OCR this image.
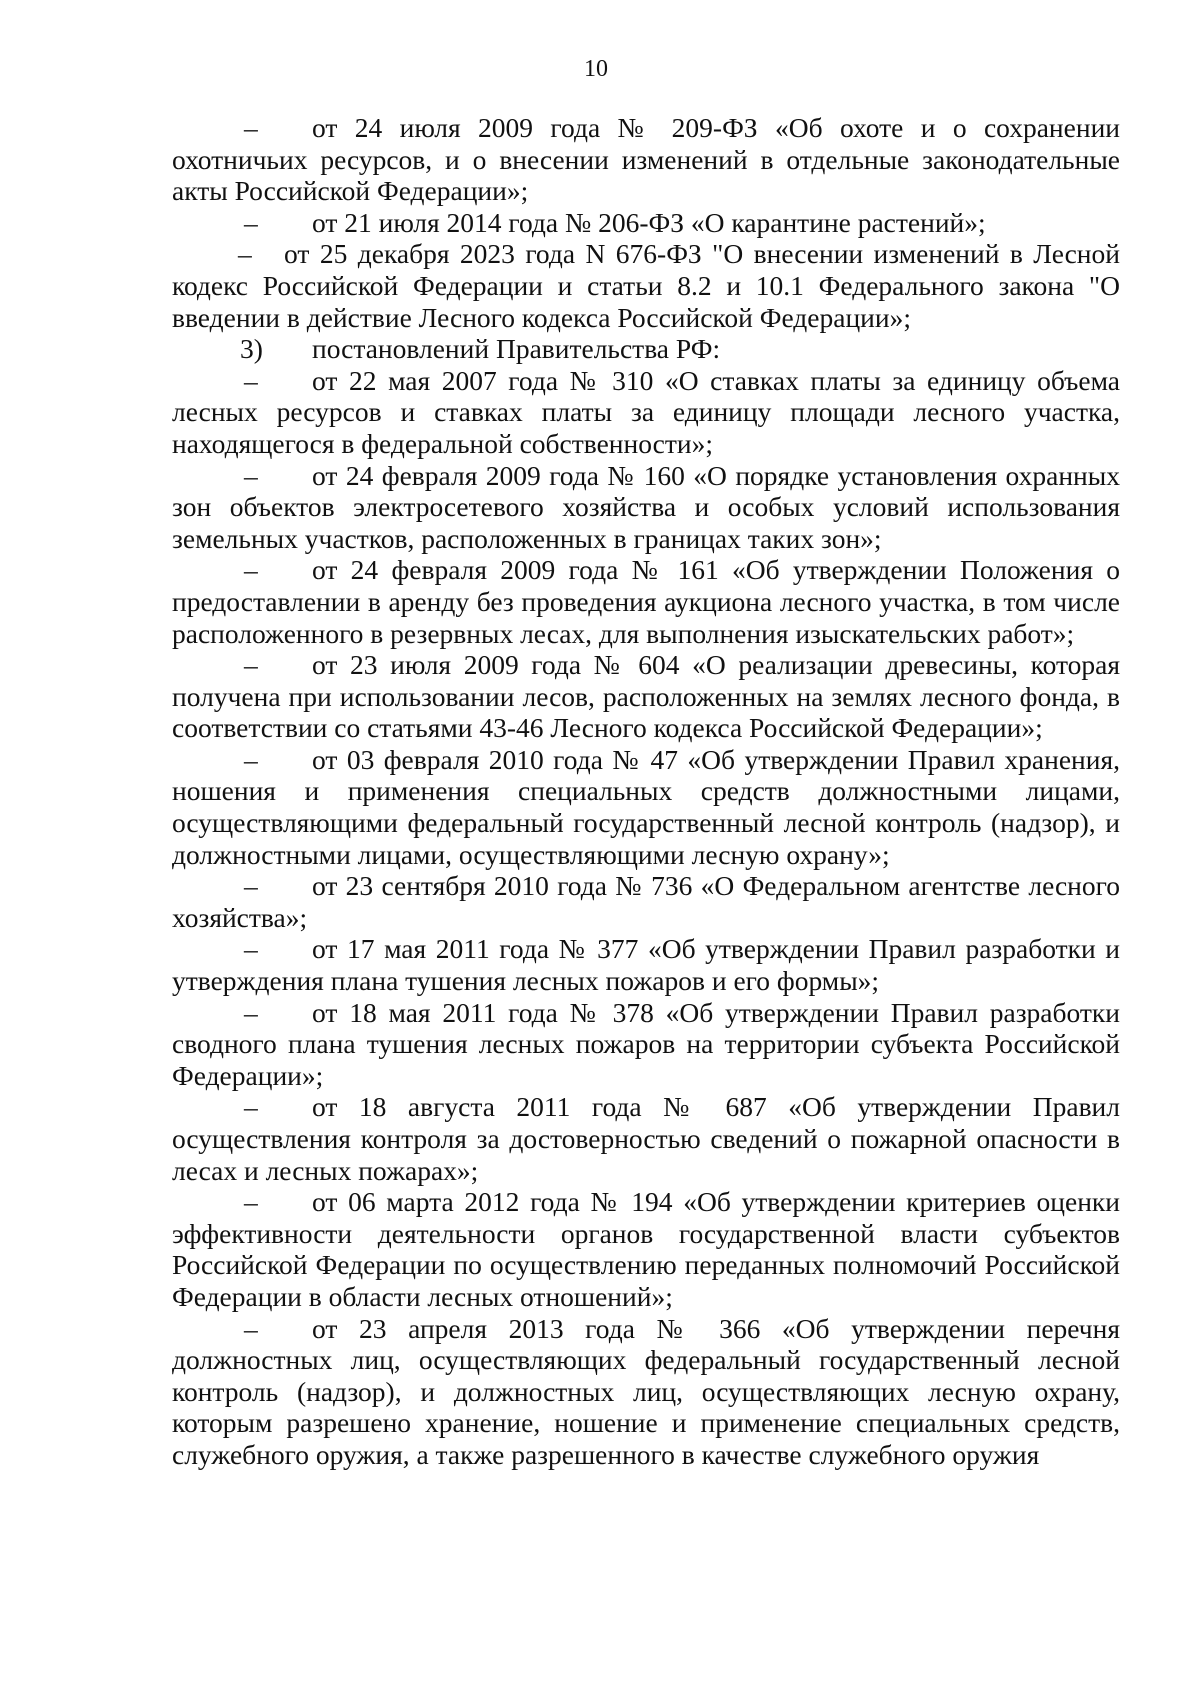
10

– от 24 июля 2009 года № 209-ФЗ «Об охоте и о сохранении охотничьих ресурсов, и о внесении изменений в отдельные законодательные акты Российской Федерации»;

– от 21 июля 2014 года № 206-ФЗ «О карантине растений»;

– от 25 декабря 2023 года N 676-ФЗ "О внесении изменений в Лесной кодекс Российской Федерации и статьи 8.2 и 10.1 Федерального закона "О введении в действие Лесного кодекса Российской Федерации»;

3) постановлений Правительства РФ:

– от 22 мая 2007 года № 310 «О ставках платы за единицу объема лесных ресурсов и ставках платы за единицу площади лесного участка, находящегося в федеральной собственности»;

– от 24 февраля 2009 года № 160 «О порядке установления охранных зон объектов электросетевого хозяйства и особых условий использования земельных участков, расположенных в границах таких зон»;

– от 24 февраля 2009 года № 161 «Об утверждении Положения о предоставлении в аренду без проведения аукциона лесного участка, в том числе расположенного в резервных лесах, для выполнения изыскательских работ»;

– от 23 июля 2009 года № 604 «О реализации древесины, которая получена при использовании лесов, расположенных на землях лесного фонда, в соответствии со статьями 43-46 Лесного кодекса Российской Федерации»;

– от 03 февраля 2010 года № 47 «Об утверждении Правил хранения, ношения и применения специальных средств должностными лицами, осуществляющими федеральный государственный лесной контроль (надзор), и должностными лицами, осуществляющими лесную охрану»;

– от 23 сентября 2010 года № 736 «О Федеральном агентстве лесного хозяйства»;

– от 17 мая 2011 года № 377 «Об утверждении Правил разработки и утверждения плана тушения лесных пожаров и его формы»;

– от 18 мая 2011 года № 378 «Об утверждении Правил разработки сводного плана тушения лесных пожаров на территории субъекта Российской Федерации»;

– от 18 августа 2011 года № 687 «Об утверждении Правил осуществления контроля за достоверностью сведений о пожарной опасности в лесах и лесных пожарах»;

– от 06 марта 2012 года № 194 «Об утверждении критериев оценки эффективности деятельности органов государственной власти субъектов Российской Федерации по осуществлению переданных полномочий Российской Федерации в области лесных отношений»;

– от 23 апреля 2013 года № 366 «Об утверждении перечня должностных лиц, осуществляющих федеральный государственный лесной контроль (надзор), и должностных лиц, осуществляющих лесную охрану, которым разрешено хранение, ношение и применение специальных средств, служебного оружия, а также разрешенного в качестве служебного оружия
